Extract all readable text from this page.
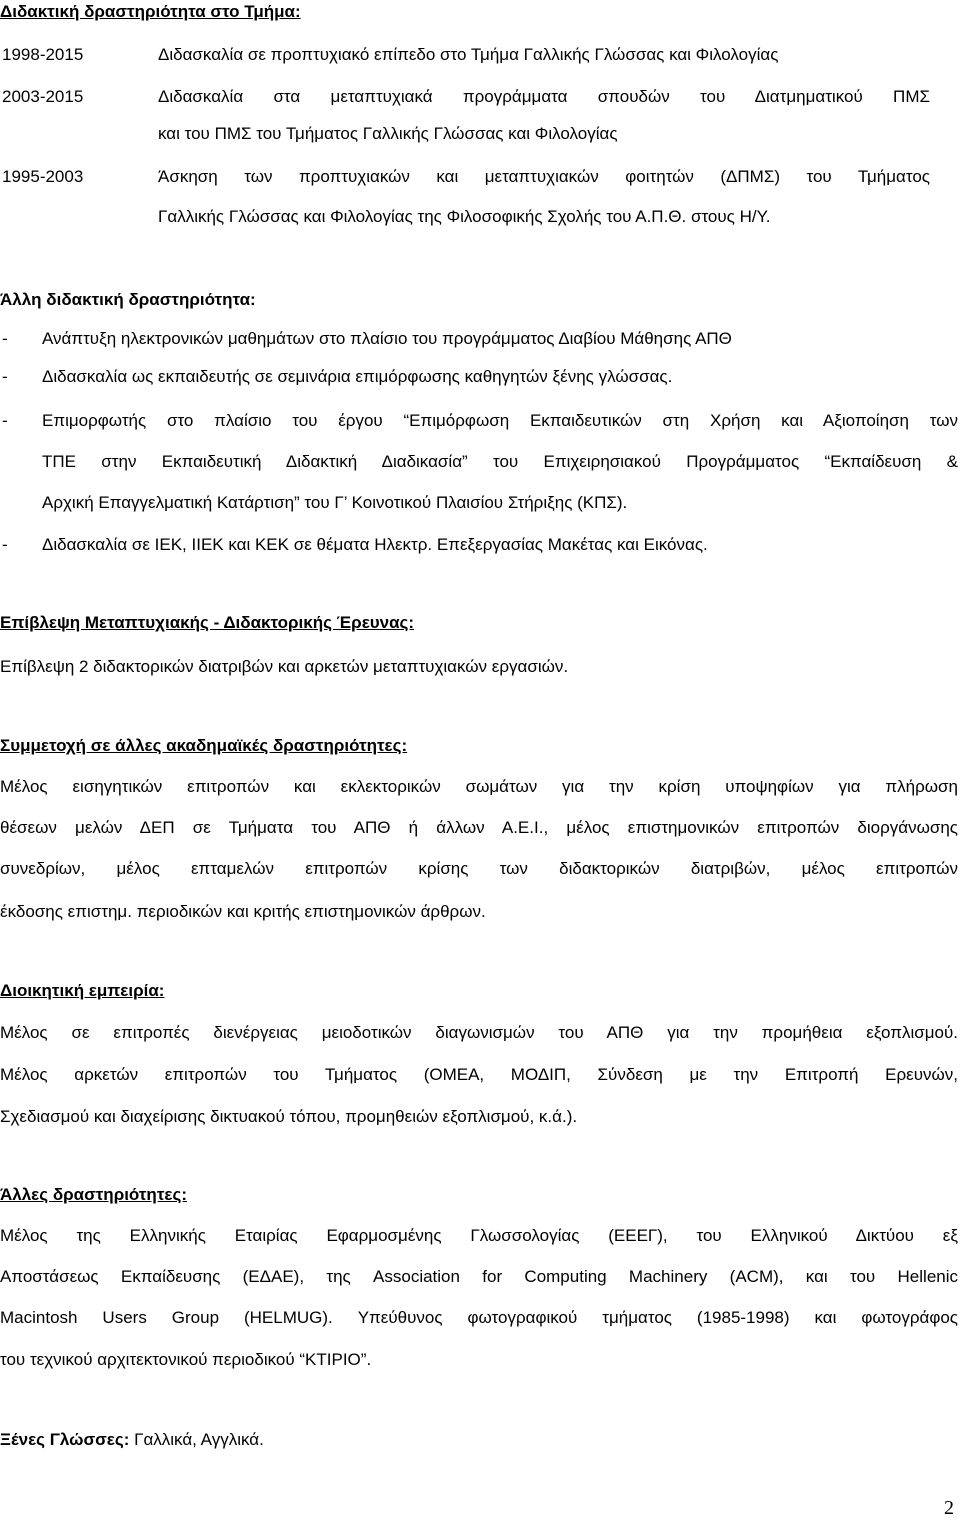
Διδακτική δραστηριότητα στο Τμήμα:
1998-2015	Διδασκαλία σε προπτυχιακό επίπεδο στο Τμήμα Γαλλικής Γλώσσας και Φιλολογίας
2003-2015	Διδασκαλία στα μεταπτυχιακά προγράμματα σπουδών του Διατμηματικού ΠΜΣ
και του ΠΜΣ του Τμήματος Γαλλικής Γλώσσας και Φιλολογίας
1995-2003	Άσκηση των προπτυχιακών και μεταπτυχιακών φοιτητών (ΔΠΜΣ) του Τμήματος
Γαλλικής Γλώσσας και Φιλολογίας της Φιλοσοφικής Σχολής του Α.Π.Θ. στους Η/Υ.
Άλλη διδακτική δραστηριότητα:
- Ανάπτυξη ηλεκτρονικών μαθημάτων στο πλαίσιο του προγράμματος Διαβίου Μάθησης ΑΠΘ
- Διδασκαλία ως εκπαιδευτής σε σεμινάρια επιμόρφωσης καθηγητών ξένης γλώσσας.
- Επιμορφωτής στο πλαίσιο του έργου “Επιμόρφωση Εκπαιδευτικών στη Χρήση και Αξιοποίηση των
ΤΠΕ στην Εκπαιδευτική Διδακτική Διαδικασία” του Επιχειρησιακού Προγράμματος “Εκπαίδευση &
Αρχική Επαγγελματική Κατάρτιση” του Γ’ Κοινοτικού Πλαισίου Στήριξης (ΚΠΣ).
- Διδασκαλία σε ΙΕΚ, ΙΙΕΚ και ΚΕΚ σε θέματα Ηλεκτρ. Επεξεργασίας Μακέτας και Εικόνας.
Επίβλεψη Μεταπτυχιακής - Διδακτορικής Έρευνας:
Επίβλεψη 2 διδακτορικών διατριβών και αρκετών μεταπτυχιακών εργασιών.
Συμμετοχή σε άλλες ακαδημαϊκές δραστηριότητες:
Μέλος εισηγητικών επιτροπών και εκλεκτορικών σωμάτων για την κρίση υποψηφίων για πλήρωση
θέσεων μελών ΔΕΠ σε Τμήματα του ΑΠΘ ή άλλων Α.Ε.Ι., μέλος επιστημονικών επιτροπών διοργάνωσης
συνεδρίων, μέλος επταμελών επιτροπών κρίσης των διδακτορικών διατριβών, μέλος επιτροπών
έκδοσης επιστημ. περιοδικών και κριτής επιστημονικών άρθρων.
Διοικητική εμπειρία:
Μέλος σε επιτροπές διενέργειας μειοδοτικών διαγωνισμών του ΑΠΘ για την προμήθεια εξοπλισμού.
Μέλος αρκετών επιτροπών του Τμήματος (ΟΜΕΑ, ΜΟΔΙΠ, Σύνδεση με την Επιτροπή Ερευνών,
Σχεδιασμού και διαχείρισης δικτυακού τόπου, προμηθειών εξοπλισμού, κ.ά.).
Άλλες δραστηριότητες:
Μέλος της Ελληνικής Εταιρίας Εφαρμοσμένης Γλωσσολογίας (ΕΕΕΓ), του Ελληνικού Δικτύου εξ
Αποστάσεως Εκπαίδευσης (ΕΔΑΕ), της Association for Computing Machinery (ACM), και του Hellenic
Macintosh Users Group (HELMUG). Υπεύθυνος φωτογραφικού τμήματος (1985-1998) και φωτογράφος
του τεχνικού αρχιτεκτονικού περιοδικού “ΚΤΙΡΙΟ”.
Ξένες Γλώσσες: Γαλλικά, Αγγλικά.
2
